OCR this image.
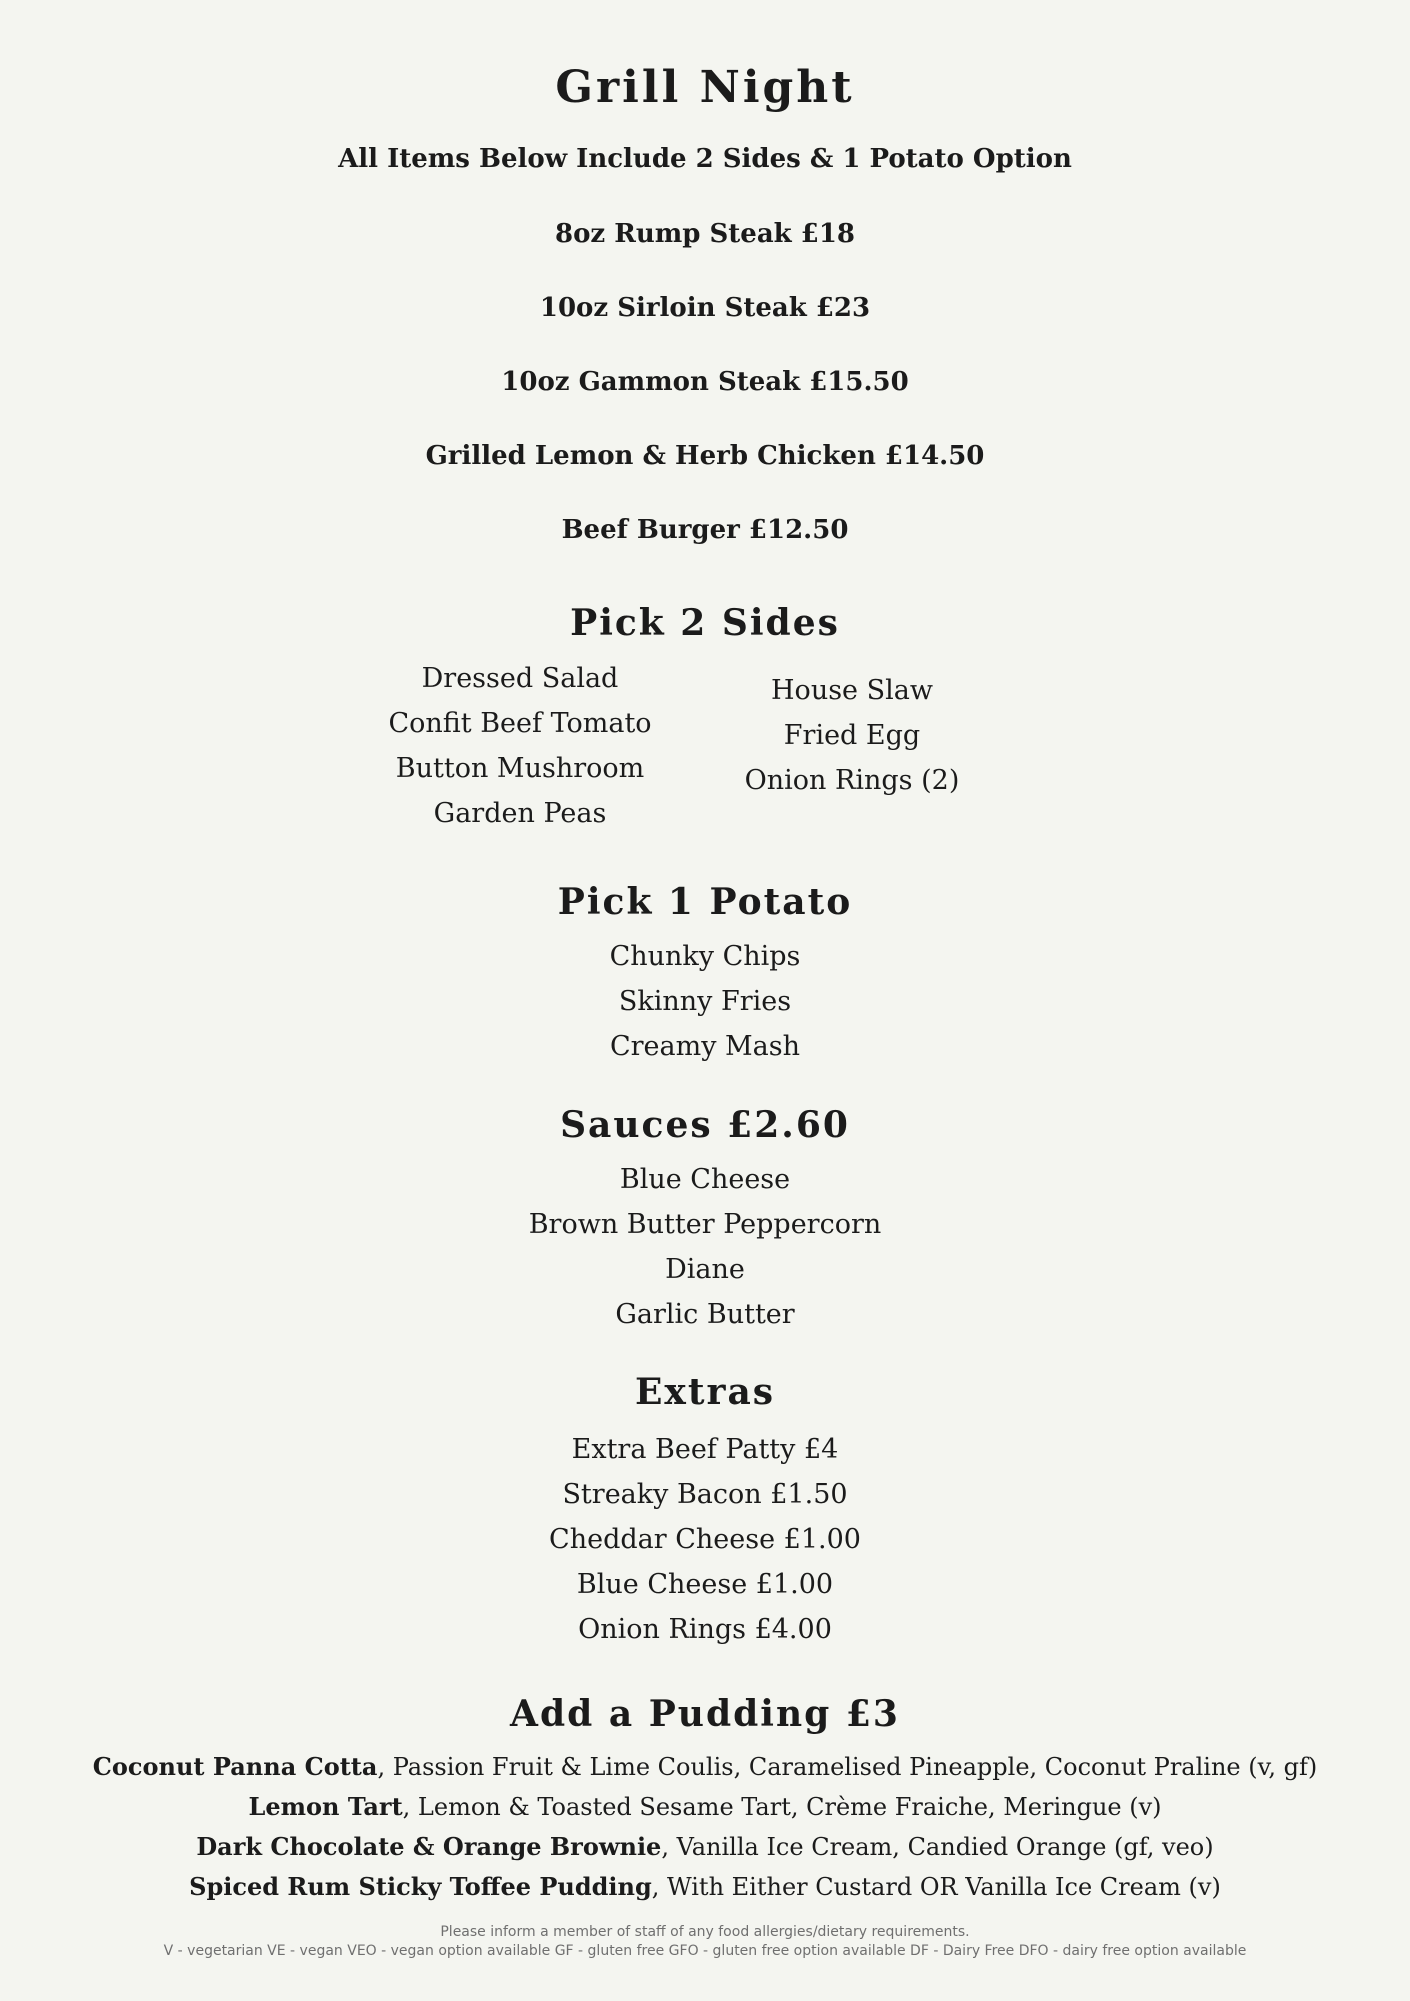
Grill Night
All Items Below Include 2 Sides & 1 Potato Option
8oz Rump Steak £18
10oz Sirloin Steak £23
10oz Gammon Steak £15.50
Grilled Lemon & Herb Chicken £14.50
Beef Burger £12.50
Pick 2 Sides
Dressed Salad
Confit Beef Tomato
Button Mushroom
Garden Peas
House Slaw
Fried Egg
Onion Rings (2)
Pick 1 Potato
Chunky Chips
Skinny Fries
Creamy Mash
Sauces £2.60
Blue Cheese
Brown Butter Peppercorn
Diane
Garlic Butter
Extras
Extra Beef Patty £4
Streaky Bacon £1.50
Cheddar Cheese £1.00
Blue Cheese £1.00
Onion Rings £4.00
Add a Pudding £3
Coconut Panna Cotta, Passion Fruit & Lime Coulis, Caramelised Pineapple, Coconut Praline (v, gf)
Lemon Tart, Lemon & Toasted Sesame Tart, Crème Fraiche, Meringue (v)
Dark Chocolate & Orange Brownie, Vanilla Ice Cream, Candied Orange (gf, veo)
Spiced Rum Sticky Toffee Pudding, With Either Custard OR Vanilla Ice Cream (v)
Please inform a member of staff of any food allergies/dietary requirements.
V - vegetarian VE - vegan VEO - vegan option available GF - gluten free GFO - gluten free option available DF - Dairy Free DFO - dairy free option available
